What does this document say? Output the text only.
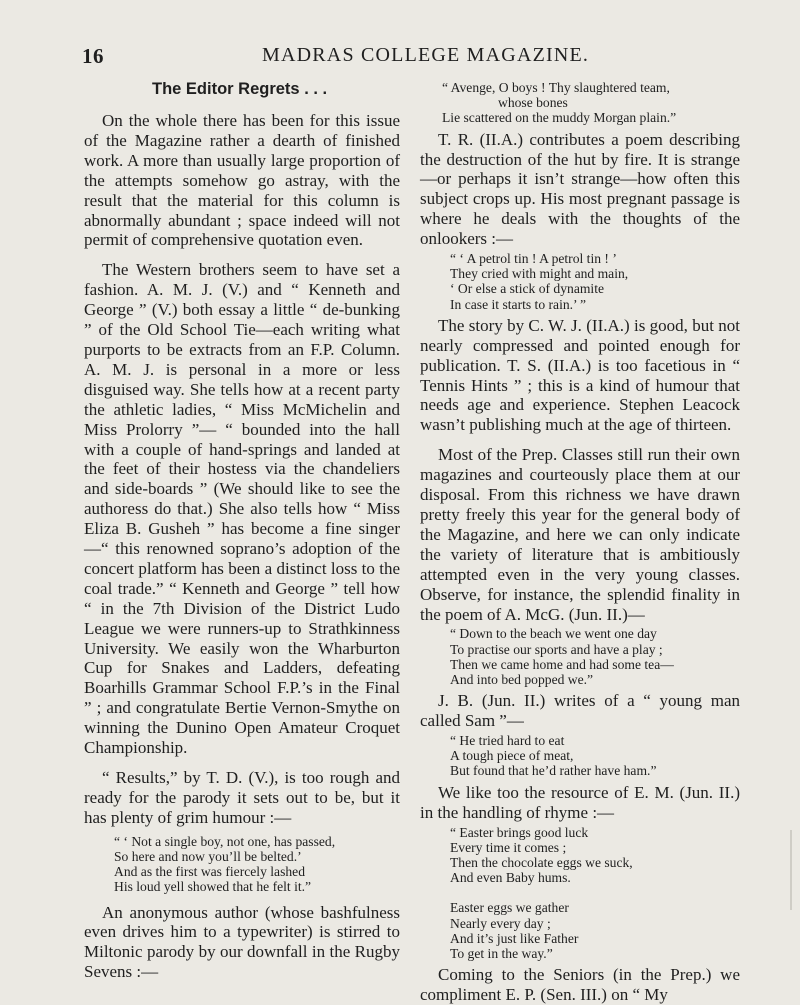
16	MADRAS COLLEGE MAGAZINE.
The Editor Regrets . . .

On the whole there has been for this issue of the Magazine rather a dearth of finished work. A more than usually large proportion of the attempts somehow go astray, with the result that the material for this column is abnormally abundant ; space indeed will not permit of comprehensive quotation even.

The Western brothers seem to have set a fashion. A. M. J. (V.) and “ Kenneth and George ” (V.) both essay a little “ de-bunking ” of the Old School Tie—each writing what purports to be extracts from an F.P. Column. A. M. J. is personal in a more or less disguised way. She tells how at a recent party the athletic ladies, “ Miss McMichelin and Miss Prolorry ”— “ bounded into the hall with a couple of hand-springs and landed at the feet of their hostess via the chandeliers and side-boards ” (We should like to see the authoress do that.) She also tells how “ Miss Eliza B. Gusheh ” has become a fine singer—“ this renowned soprano’s adoption of the concert platform has been a distinct loss to the coal trade.” “ Kenneth and George ” tell how “ in the 7th Division of the District Ludo League we were runners-up to Strathkinness University. We easily won the Wharburton Cup for Snakes and Ladders, defeating Boarhills Grammar School F.P.’s in the Final ” ; and congratulate Bertie Vernon-Smythe on winning the Dunino Open Amateur Croquet Championship.

“ Results,” by T. D. (V.), is too rough and ready for the parody it sets out to be, but it has plenty of grim humour :—

“ ‘ Not a single boy, not one, has passed,
So here and now you’ll be belted.’
And as the first was fiercely lashed
His loud yell showed that he felt it.”

An anonymous author (whose bashfulness even drives him to a typewriter) is stirred to Miltonic parody by our downfall in the Rugby Sevens :—

“ Avenge, O boys ! Thy slaughtered team,
whose bones
Lie scattered on the muddy Morgan plain.”

T. R. (II.A.) contributes a poem describing the destruction of the hut by fire. It is strange—or perhaps it isn’t strange—how often this subject crops up. His most pregnant passage is where he deals with the thoughts of the onlookers :—

“ ‘ A petrol tin ! A petrol tin ! ’
They cried with might and main,
‘ Or else a stick of dynamite
In case it starts to rain.’ ”

The story by C. W. J. (II.A.) is good, but not nearly compressed and pointed enough for publication. T. S. (II.A.) is too facetious in “ Tennis Hints ” ; this is a kind of humour that needs age and experience. Stephen Leacock wasn’t publishing much at the age of thirteen.

Most of the Prep. Classes still run their own magazines and courteously place them at our disposal. From this richness we have drawn pretty freely this year for the general body of the Magazine, and here we can only indicate the variety of literature that is ambitiously attempted even in the very young classes. Observe, for instance, the splendid finality in the poem of A. McG. (Jun. II.)—

“ Down to the beach we went one day
To practise our sports and have a play ;
Then we came home and had some tea—
And into bed popped we.”

J. B. (Jun. II.) writes of a “ young man called Sam ”—

“ He tried hard to eat
A tough piece of meat,
But found that he’d rather have ham.”

We like too the resource of E. M. (Jun. II.) in the handling of rhyme :—

“ Easter brings good luck
Every time it comes ;
Then the chocolate eggs we suck,
And even Baby hums.
Easter eggs we gather
Nearly every day ;
And it’s just like Father
To get in the way.”

Coming to the Seniors (in the Prep.) we compliment E. P. (Sen. III.) on “ My
